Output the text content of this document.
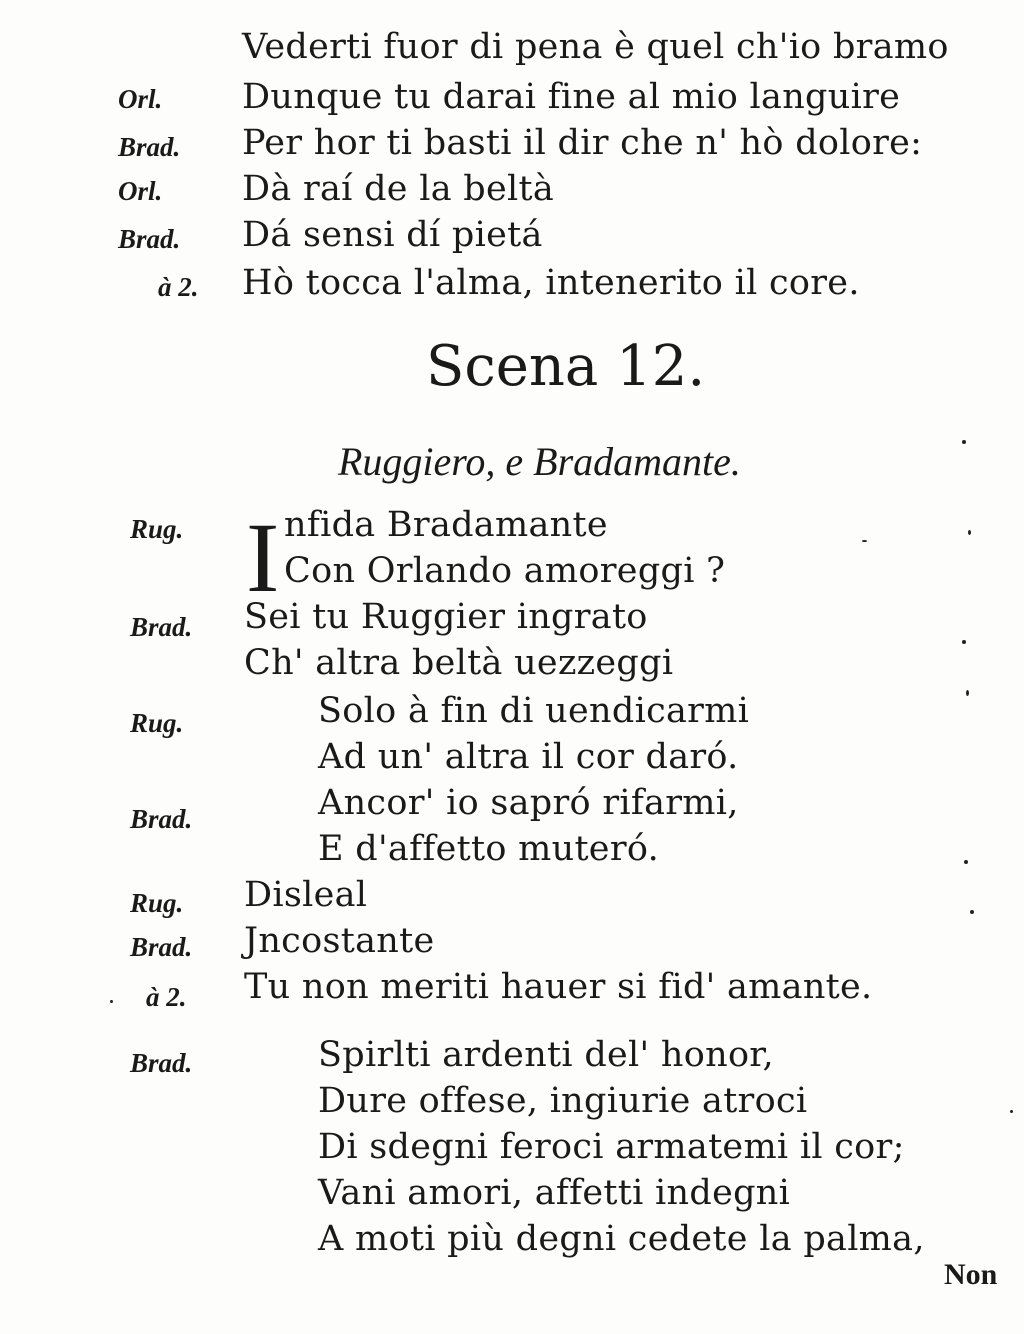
Vederti fuor di pena è quel ch'io bramo
Orl. Dunque tu darai fine al mio languire
Brad. Per hor ti basti il dir che n' hò dolore:
Orl. Dà raí de la beltà
Brad. Dá sensi dí pietá
à 2. Hò tocca l'alma, intenerito il core.
Scena 12.
Ruggiero, e Bradamante.
Rug. I nfida Bradamante
Con Orlando amoreggi ?
Brad. Sei tu Ruggier ingrato
Ch' altra beltà uezzeggi
Rug.	Solo à fin di uendicarmi
Ad un' altra il cor daró.
Brad.	Ancor' io sapró rifarmi,
E d'affetto muteró.
Rug. Disleal
Brad. Jncostante
à 2. Tu non meriti hauer si fid' amante.
Brad.	Spirlti ardenti del' honor,
Dure offese, ingiurie atroci
Di sdegni feroci armatemi il cor;
Vani amori, affetti indegni
A moti più degni cedete la palma,
Non
